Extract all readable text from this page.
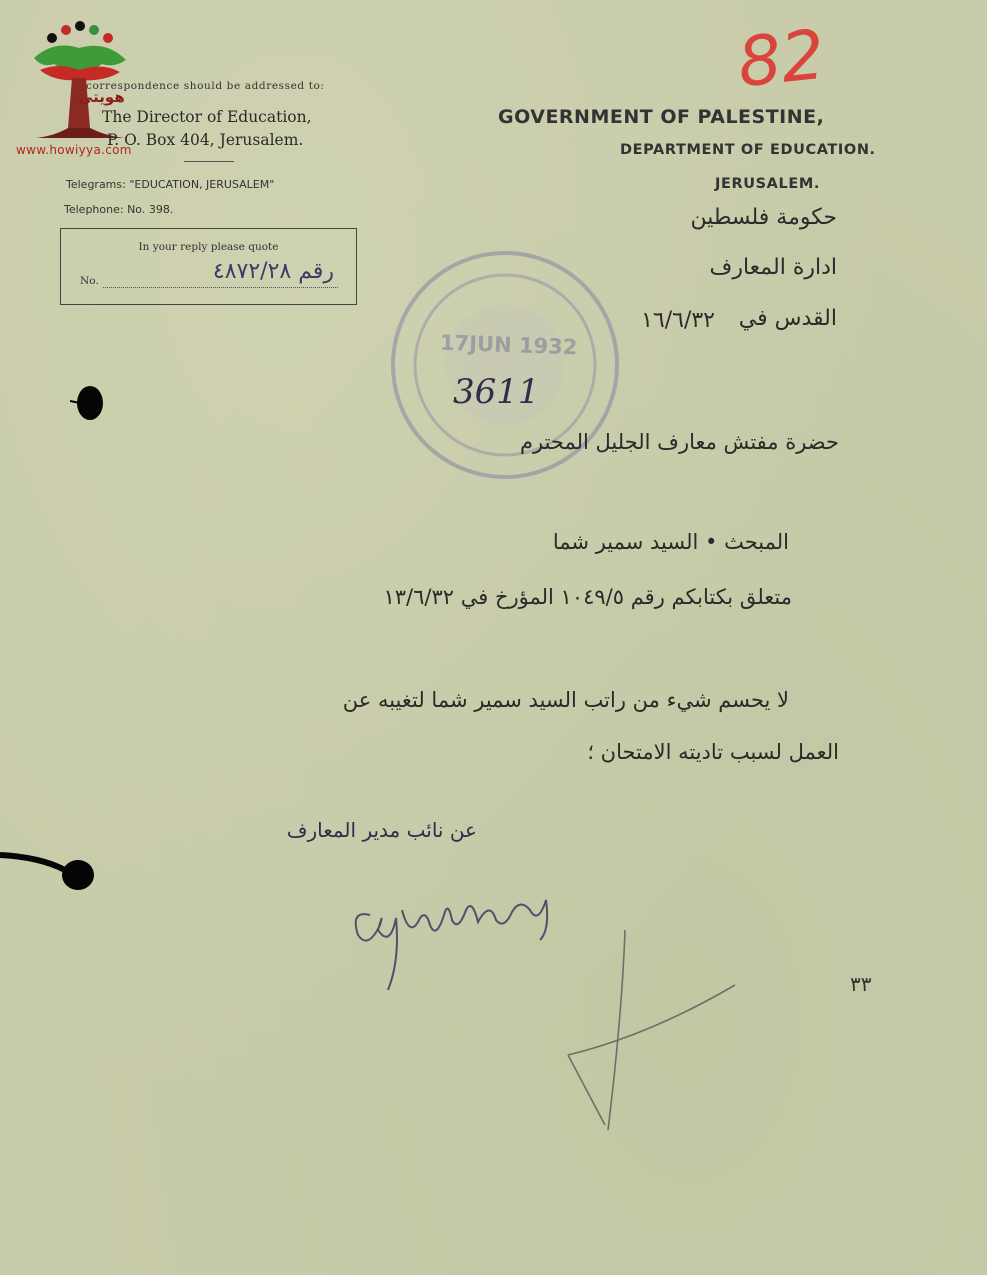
هويتي
www.howiyya.com
correspondence should be addressed to:
The Director of Education,
P. O. Box 404, Jerusalem.
Telegrams: "EDUCATION, JERUSALEM"
Telephone: No. 398.
In your reply please quote
No.	رقم ٤٨٧٢/٢٨
82
GOVERNMENT OF PALESTINE,
DEPARTMENT OF EDUCATION.
JERUSALEM.
حكومة فلسطين
ادارة المعارف
القدس في
١٦/٦/٣٢
17JUN 1932
3611
حضرة مفتش معارف الجليل المحترم
المبحث • السيد سمير شما
متعلق بكتابكم رقم ١٠٤٩/٥ المؤرخ في ١٣/٦/٣٢
لا يحسم شيء من راتب السيد سمير شما لتغيبه عن
العمل لسبب تاديته الامتحان ؛
عن نائب مدير المعارف
٣٣
